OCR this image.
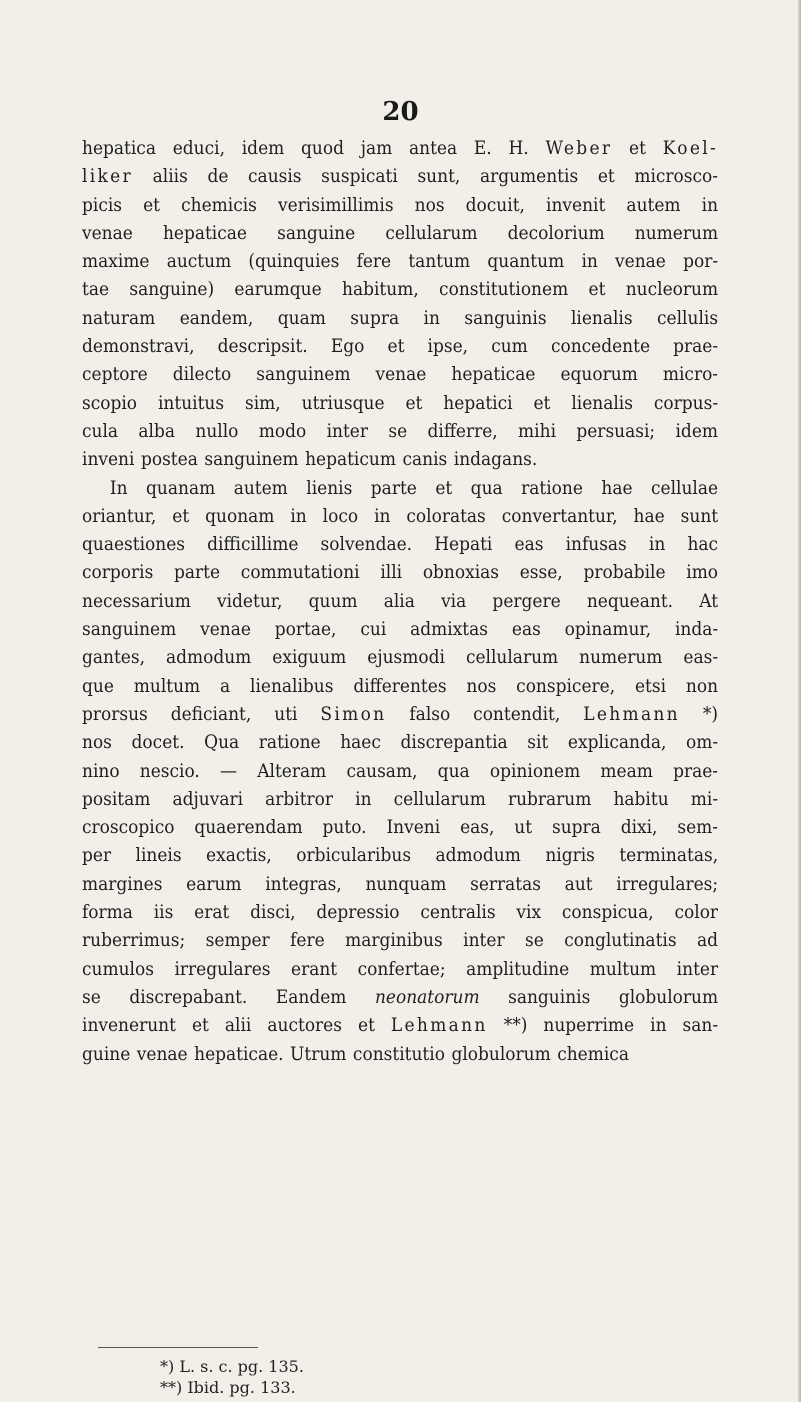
20
hepatica educi, idem quod jam antea E. H. Weber et Koel-
liker aliis de causis suspicati sunt, argumentis et microsco-
picis et chemicis verisimillimis nos docuit, invenit autem in
venae hepaticae sanguine cellularum decolorium numerum
maxime auctum (quinquies fere tantum quantum in venae por-
tae sanguine) earumque habitum, constitutionem et nucleorum
naturam eandem, quam supra in sanguinis lienalis cellulis
demonstravi, descripsit. Ego et ipse, cum concedente prae-
ceptore dilecto sanguinem venae hepaticae equorum micro-
scopio intuitus sim, utriusque et hepatici et lienalis corpus-
cula alba nullo modo inter se differre, mihi persuasi; idem
inveni postea sanguinem hepaticum canis indagans.
In quanam autem lienis parte et qua ratione hae cellulae
oriantur, et quonam in loco in coloratas convertantur, hae sunt
quaestiones difficillime solvendae. Hepati eas infusas in hac
corporis parte commutationi illi obnoxias esse, probabile imo
necessarium videtur, quum alia via pergere nequeant. At
sanguinem venae portae, cui admixtas eas opinamur, inda-
gantes, admodum exiguum ejusmodi cellularum numerum eas-
que multum a lienalibus differentes nos conspicere, etsi non
prorsus deficiant, uti Simon falso contendit, Lehmann *)
nos docet. Qua ratione haec discrepantia sit explicanda, om-
nino nescio. — Alteram causam, qua opinionem meam prae-
positam adjuvari arbitror in cellularum rubrarum habitu mi-
croscopico quaerendam puto. Inveni eas, ut supra dixi, sem-
per lineis exactis, orbicularibus admodum nigris terminatas,
margines earum integras, nunquam serratas aut irregulares;
forma iis erat disci, depressio centralis vix conspicua, color
ruberrimus; semper fere marginibus inter se conglutinatis ad
cumulos irregulares erant confertae; amplitudine multum inter
se discrepabant. Eandem neonatorum sanguinis globulorum
invenerunt et alii auctores et Lehmann **) nuperrime in san-
guine venae hepaticae. Utrum constitutio globulorum chemica
*) L. s. c. pg. 135.
**) Ibid. pg. 133.
